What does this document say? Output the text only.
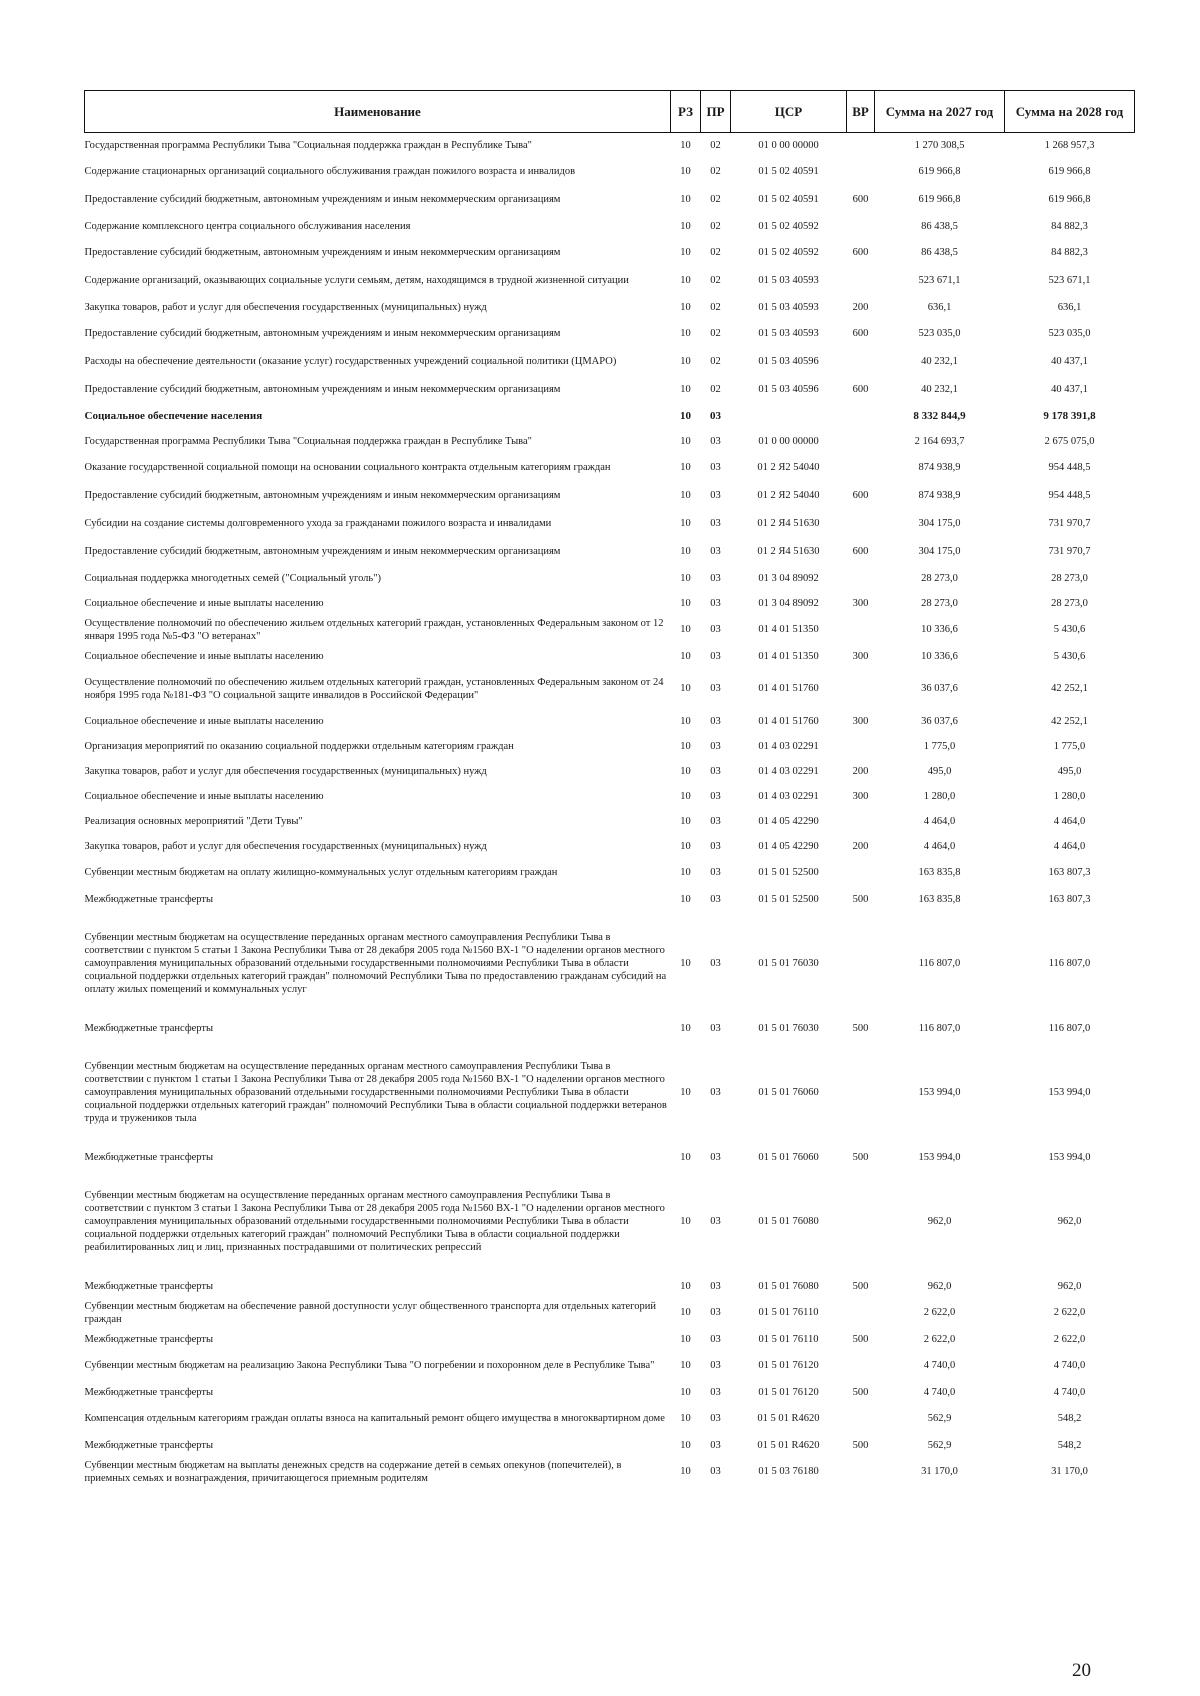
Наименование	РЗ	ПР	ЦСР	ВР	Сумма на 2027 год	Сумма на 2028 год
Государственная программа Республики Тыва "Социальная поддержка граждан в Республике Тыва"	10	02	01 0 00 00000		1 270 308,5	1 268 957,3
Содержание стационарных организаций социального обслуживания граждан пожилого возраста и инвалидов	10	02	01 5 02 40591		619 966,8	619 966,8
Предоставление субсидий бюджетным, автономным учреждениям и иным некоммерческим организациям	10	02	01 5 02 40591	600	619 966,8	619 966,8
Содержание комплексного центра социального обслуживания населения	10	02	01 5 02 40592		86 438,5	84 882,3
Предоставление субсидий бюджетным, автономным учреждениям и иным некоммерческим организациям	10	02	01 5 02 40592	600	86 438,5	84 882,3
Содержание организаций, оказывающих социальные услуги семьям, детям, находящимся в трудной жизненной ситуации	10	02	01 5 03 40593		523 671,1	523 671,1
Закупка товаров, работ и услуг для обеспечения государственных (муниципальных) нужд	10	02	01 5 03 40593	200	636,1	636,1
Предоставление субсидий бюджетным, автономным учреждениям и иным некоммерческим организациям	10	02	01 5 03 40593	600	523 035,0	523 035,0
Расходы на обеспечение деятельности (оказание услуг) государственных учреждений социальной политики (ЦМАРО)	10	02	01 5 03 40596		40 232,1	40 437,1
Предоставление субсидий бюджетным, автономным учреждениям и иным некоммерческим организациям	10	02	01 5 03 40596	600	40 232,1	40 437,1
Социальное обеспечение населения	10	03			8 332 844,9	9 178 391,8
Государственная программа Республики Тыва "Социальная поддержка граждан в Республике Тыва"	10	03	01 0 00 00000		2 164 693,7	2 675 075,0
Оказание государственной социальной помощи на основании социального контракта отдельным категориям граждан	10	03	01 2 Я2 54040		874 938,9	954 448,5
Предоставление субсидий бюджетным, автономным учреждениям и иным некоммерческим организациям	10	03	01 2 Я2 54040	600	874 938,9	954 448,5
Субсидии на создание системы долговременного ухода за гражданами пожилого возраста и инвалидами	10	03	01 2 Я4 51630		304 175,0	731 970,7
Предоставление субсидий бюджетным, автономным учреждениям и иным некоммерческим организациям	10	03	01 2 Я4 51630	600	304 175,0	731 970,7
Социальная поддержка многодетных семей ("Социальный уголь")	10	03	01 3 04 89092		28 273,0	28 273,0
Социальное обеспечение и иные выплаты населению	10	03	01 3 04 89092	300	28 273,0	28 273,0
Осуществление полномочий по обеспечению жильем отдельных категорий граждан, установленных Федеральным законом от 12 января 1995 года №5-ФЗ "О ветеранах"	10	03	01 4 01 51350		10 336,6	5 430,6
Социальное обеспечение и иные выплаты населению	10	03	01 4 01 51350	300	10 336,6	5 430,6
Осуществление полномочий по обеспечению жильем отдельных категорий граждан, установленных Федеральным законом от 24 ноября 1995 года №181-ФЗ "О социальной защите инвалидов в Российской Федерации"	10	03	01 4 01 51760		36 037,6	42 252,1
Социальное обеспечение и иные выплаты населению	10	03	01 4 01 51760	300	36 037,6	42 252,1
Организация мероприятий по оказанию социальной поддержки отдельным категориям граждан	10	03	01 4 03 02291		1 775,0	1 775,0
Закупка товаров, работ и услуг для обеспечения государственных (муниципальных) нужд	10	03	01 4 03 02291	200	495,0	495,0
Социальное обеспечение и иные выплаты населению	10	03	01 4 03 02291	300	1 280,0	1 280,0
Реализация основных мероприятий "Дети Тувы"	10	03	01 4 05 42290		4 464,0	4 464,0
Закупка товаров, работ и услуг для обеспечения государственных (муниципальных) нужд	10	03	01 4 05 42290	200	4 464,0	4 464,0
Субвенции местным бюджетам на оплату жилищно-коммунальных услуг отдельным категориям граждан	10	03	01 5 01 52500		163 835,8	163 807,3
Межбюджетные трансферты	10	03	01 5 01 52500	500	163 835,8	163 807,3
Субвенции местным бюджетам на осуществление переданных органам местного самоуправления Республики Тыва в соответствии с пунктом 5 статьи 1 Закона Республики Тыва от 28 декабря 2005 года №1560 ВХ-1 "О наделении органов местного самоуправления муниципальных образований отдельными государственными полномочиями Республики Тыва в области социальной поддержки отдельных категорий граждан" полномочий Республики Тыва по предоставлению гражданам субсидий на оплату жилых помещений и коммунальных услуг	10	03	01 5 01 76030		116 807,0	116 807,0
Межбюджетные трансферты	10	03	01 5 01 76030	500	116 807,0	116 807,0
Субвенции местным бюджетам на осуществление переданных органам местного самоуправления Республики Тыва в соответствии с пунктом 1 статьи 1 Закона Республики Тыва от 28 декабря 2005 года №1560 ВХ-1 "О наделении органов местного самоуправления муниципальных образований отдельными государственными полномочиями Республики Тыва в области социальной поддержки отдельных категорий граждан" полномочий Республики Тыва в области социальной поддержки ветеранов труда и тружеников тыла	10	03	01 5 01 76060		153 994,0	153 994,0
Межбюджетные трансферты	10	03	01 5 01 76060	500	153 994,0	153 994,0
Субвенции местным бюджетам на осуществление переданных органам местного самоуправления Республики Тыва в соответствии с пунктом 3 статьи 1 Закона Республики Тыва от 28 декабря 2005 года №1560 ВХ-1 "О наделении органов местного самоуправления муниципальных образований отдельными государственными полномочиями Республики Тыва в области социальной поддержки отдельных категорий граждан" полномочий Республики Тыва в области социальной поддержки реабилитированных лиц и лиц, признанных пострадавшими от политических репрессий	10	03	01 5 01 76080		962,0	962,0
Межбюджетные трансферты	10	03	01 5 01 76080	500	962,0	962,0
Субвенции местным бюджетам на обеспечение равной доступности услуг общественного транспорта для отдельных категорий граждан	10	03	01 5 01 76110		2 622,0	2 622,0
Межбюджетные трансферты	10	03	01 5 01 76110	500	2 622,0	2 622,0
Субвенции местным бюджетам на реализацию Закона Республики Тыва "О погребении и похоронном деле в Республике Тыва"	10	03	01 5 01 76120		4 740,0	4 740,0
Межбюджетные трансферты	10	03	01 5 01 76120	500	4 740,0	4 740,0
Компенсация отдельным категориям граждан оплаты взноса на капитальный ремонт общего имущества в многоквартирном доме	10	03	01 5 01 R4620		562,9	548,2
Межбюджетные трансферты	10	03	01 5 01 R4620	500	562,9	548,2
Субвенции местным бюджетам на выплаты денежных средств на содержание детей в семьях опекунов (попечителей), в приемных семьях и вознаграждения, причитающегося приемным родителям	10	03	01 5 03 76180		31 170,0	31 170,0
20
